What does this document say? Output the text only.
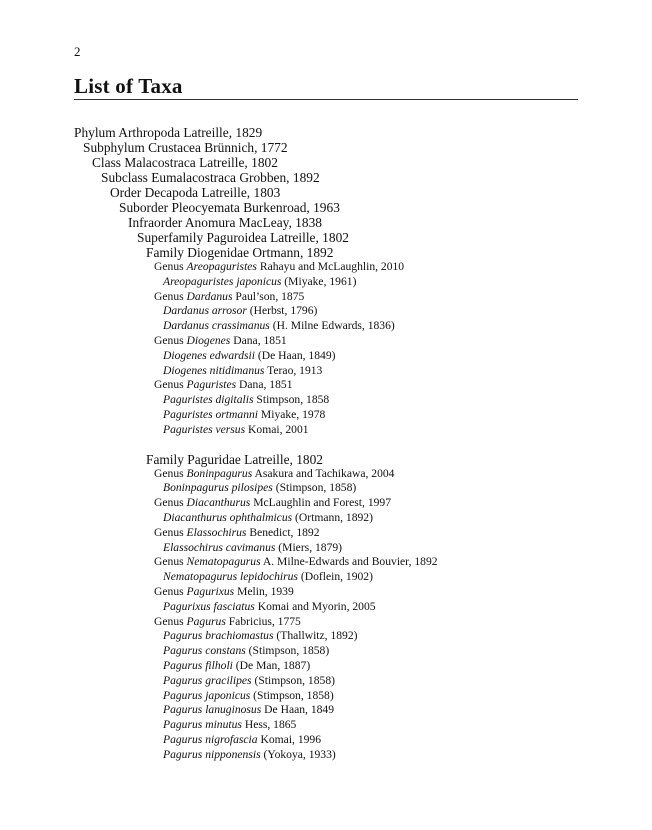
2
List of Taxa
Phylum Arthropoda Latreille, 1829
Subphylum Crustacea Brünnich, 1772
Class Malacostraca Latreille, 1802
Subclass Eumalacostraca Grobben, 1892
Order Decapoda Latreille, 1803
Suborder Pleocyemata Burkenroad, 1963
Infraorder Anomura MacLeay, 1838
Superfamily Paguroidea Latreille, 1802
Family Diogenidae Ortmann, 1892
Genus Areopaguristes Rahayu and McLaughlin, 2010
Areopaguristes japonicus (Miyake, 1961)
Genus Dardanus Paul’son, 1875
Dardanus arrosor (Herbst, 1796)
Dardanus crassimanus (H. Milne Edwards, 1836)
Genus Diogenes Dana, 1851
Diogenes edwardsii (De Haan, 1849)
Diogenes nitidimanus Terao, 1913
Genus Paguristes Dana, 1851
Paguristes digitalis Stimpson, 1858
Paguristes ortmanni Miyake, 1978
Paguristes versus Komai, 2001
Family Paguridae Latreille, 1802
Genus Boninpagurus Asakura and Tachikawa, 2004
Boninpagurus pilosipes (Stimpson, 1858)
Genus Diacanthurus McLaughlin and Forest, 1997
Diacanthurus ophthalmicus (Ortmann, 1892)
Genus Elassochirus Benedict, 1892
Elassochirus cavimanus (Miers, 1879)
Genus Nematopagurus A. Milne-Edwards and Bouvier, 1892
Nematopagurus lepidochirus (Doflein, 1902)
Genus Pagurixus Melin, 1939
Pagurixus fasciatus Komai and Myorin, 2005
Genus Pagurus Fabricius, 1775
Pagurus brachiomastus (Thallwitz, 1892)
Pagurus constans (Stimpson, 1858)
Pagurus filholi (De Man, 1887)
Pagurus gracilipes (Stimpson, 1858)
Pagurus japonicus (Stimpson, 1858)
Pagurus lanuginosus De Haan, 1849
Pagurus minutus Hess, 1865
Pagurus nigrofascia Komai, 1996
Pagurus nipponensis (Yokoya, 1933)
